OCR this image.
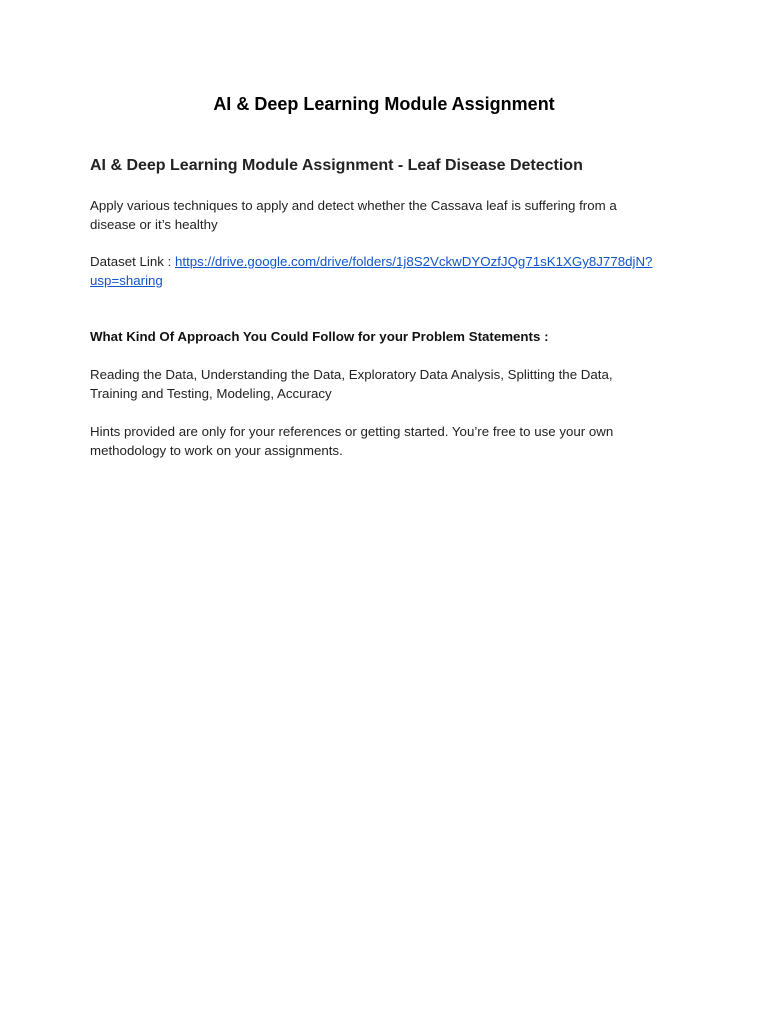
AI & Deep Learning Module Assignment
AI & Deep Learning Module Assignment - Leaf Disease Detection
Apply various techniques to apply and detect whether the Cassava leaf is suffering from a
disease or it’s healthy
Dataset Link : https://drive.google.com/drive/folders/1j8S2VckwDYOzfJQg71sK1XGy8J778djN?
usp=sharing
What Kind Of Approach You Could Follow for your Problem Statements :
Reading the Data, Understanding the Data, Exploratory Data Analysis, Splitting the Data,
Training and Testing, Modeling, Accuracy
Hints provided are only for your references or getting started. You’re free to use your own
methodology to work on your assignments.
